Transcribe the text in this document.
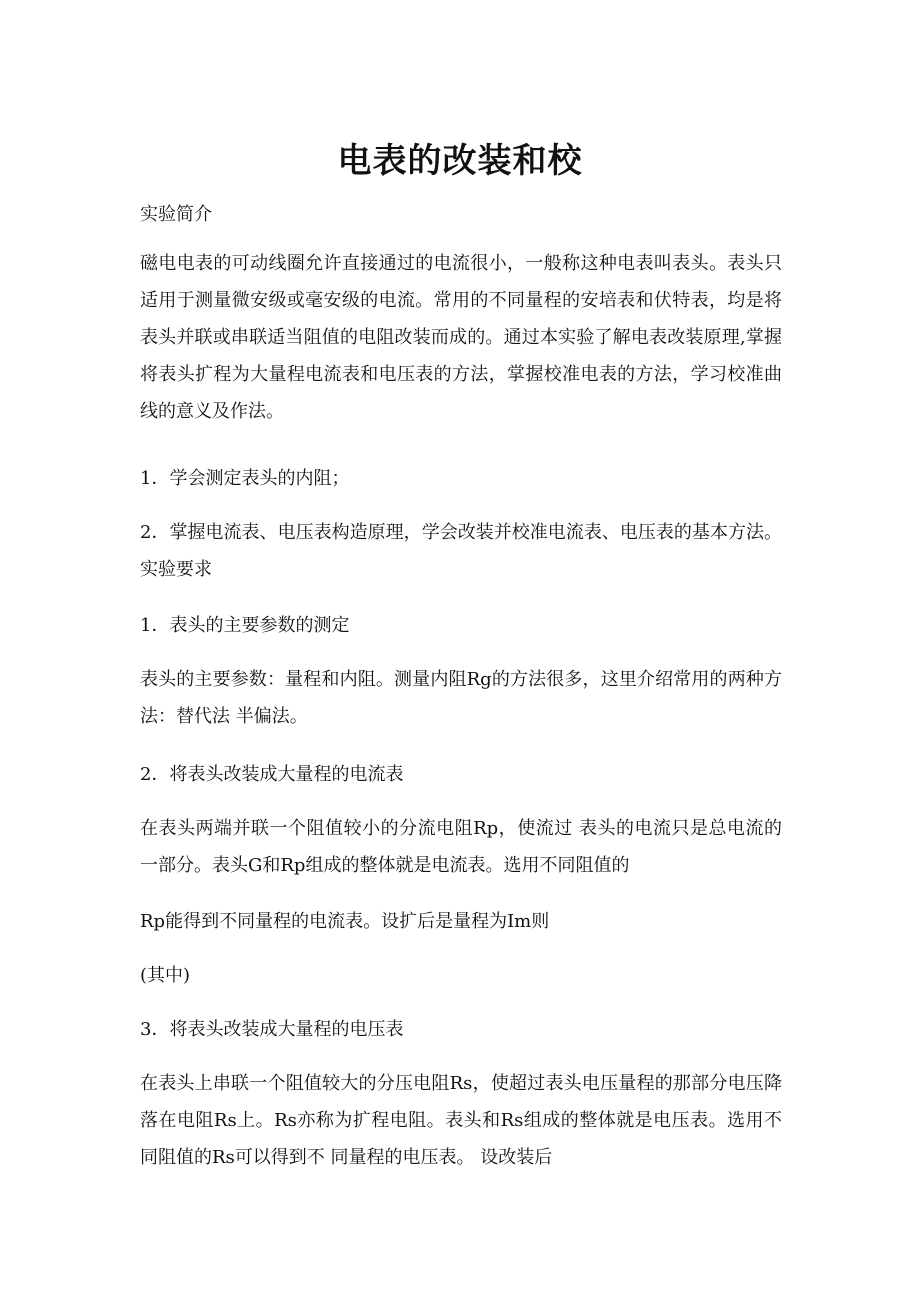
电表的改装和校

实验简介

磁电电表的可动线圈允许直接通过的电流很小，一般称这种电表叫表头。表头只适用于测量微安级或毫安级的电流。常用的不同量程的安培表和伏特表，均是将表头并联或串联适当阻值的电阻改装而成的。通过本实验了解电表改装原理,掌握将表头扩程为大量程电流表和电压表的方法，掌握校准电表的方法，学习校准曲线的意义及作法。

1．学会测定表头的内阻；

2．掌握电流表、电压表构造原理，学会改装并校准电流表、电压表的基本方法。 实验要求

1．表头的主要参数的测定

表头的主要参数：量程和内阻。测量内阻Rg的方法很多，这里介绍常用的两种方法：替代法 半偏法。

2．将表头改装成大量程的电流表

在表头两端并联一个阻值较小的分流电阻Rp，使流过 表头的电流只是总电流的一部分。表头G和Rp组成的整体就是电流表。选用不同阻值的

Rp能得到不同量程的电流表。设扩后是量程为Im则

(其中)

3．将表头改装成大量程的电压表

在表头上串联一个阻值较大的分压电阻Rs，使超过表头电压量程的那部分电压降落在电阻Rs上。Rs亦称为扩程电阻。表头和Rs组成的整体就是电压表。选用不同阻值的Rs可以得到不 同量程的电压表。 设改装后
